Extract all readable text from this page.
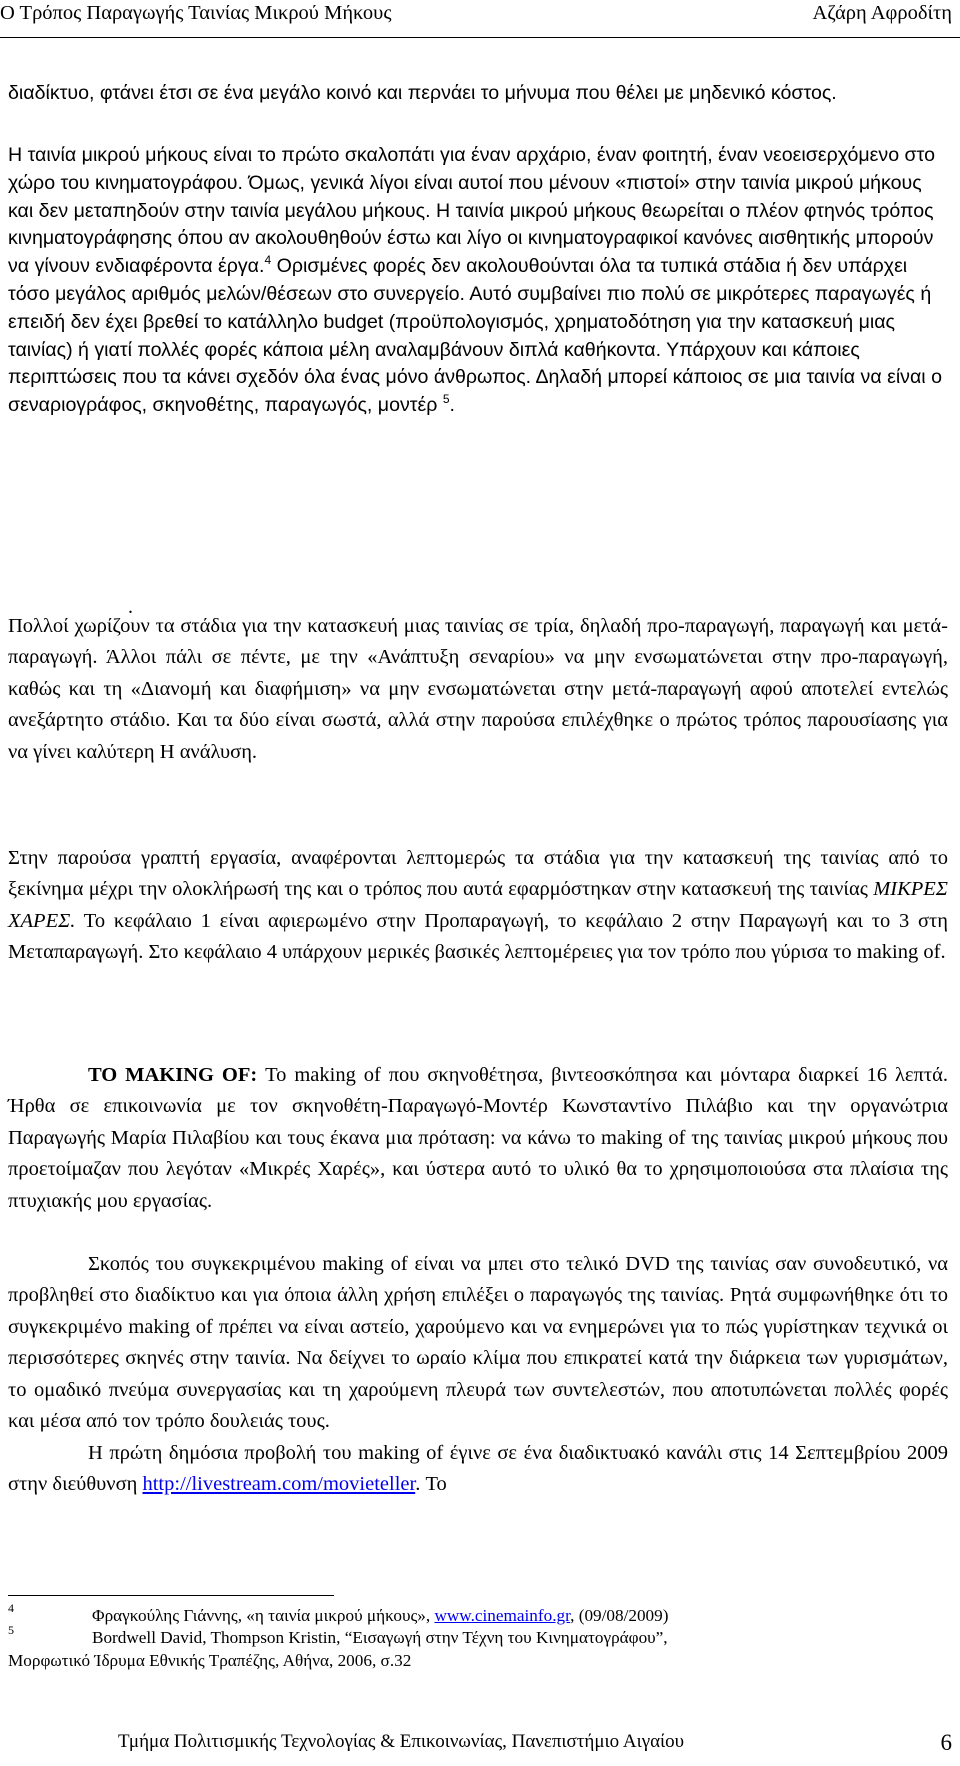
Ο Τρόπος Παραγωγής Ταινίας Μικρού Μήκους	Αζάρη Αφροδίτη

διαδίκτυο, φτάνει έτσι σε ένα μεγάλο κοινό και περνάει το μήνυμα που θέλει με μηδενικό κόστος.

Η ταινία μικρού μήκους είναι το πρώτο σκαλοπάτι για έναν αρχάριο, έναν φοιτητή, έναν νεοεισερχόμενο στο χώρο του κινηματογράφου. Όμως, γενικά λίγοι είναι αυτοί που μένουν «πιστοί» στην ταινία μικρού μήκους και δεν μεταπηδούν στην ταινία μεγάλου μήκους. Η ταινία μικρού μήκους θεωρείται ο πλέον φτηνός τρόπος κινηματογράφησης όπου αν ακολουθηθούν έστω και λίγο οι κινηματογραφικοί κανόνες αισθητικής μπορούν να γίνουν ενδιαφέροντα έργα.$^4$ Ορισμένες φορές δεν ακολουθούνται όλα τα τυπικά στάδια ή δεν υπάρχει τόσο μεγάλος αριθμός μελών/θέσεων στο συνεργείο. Αυτό συμβαίνει πιο πολύ σε μικρότερες παραγωγές ή επειδή δεν έχει βρεθεί το κατάλληλο budget (προϋπολογισμός, χρηματοδότηση για την κατασκευή μιας ταινίας) ή γιατί πολλές φορές κάποια μέλη αναλαμβάνουν διπλά καθήκοντα. Υπάρχουν και κάποιες περιπτώσεις που τα κάνει σχεδόν όλα ένας μόνο άνθρωπος. Δηλαδή μπορεί κάποιος σε μια ταινία να είναι ο σεναριογράφος, σκηνοθέτης, παραγωγός, μοντέρ $^5$.

.

Πολλοί χωρίζουν τα στάδια για την κατασκευή μιας ταινίας σε τρία, δηλαδή προ-παραγωγή, παραγωγή και μετά-παραγωγή. Άλλοι πάλι σε πέντε, με την «Ανάπτυξη σεναρίου» να μην ενσωματώνεται στην προ-παραγωγή, καθώς και τη «Διανομή και διαφήμιση» να μην ενσωματώνεται στην μετά-παραγωγή αφού αποτελεί εντελώς ανεξάρτητο στάδιο. Και τα δύο είναι σωστά, αλλά στην παρούσα επιλέχθηκε ο πρώτος τρόπος παρουσίασης για να γίνει καλύτερη Η ανάλυση.

Στην παρούσα γραπτή εργασία, αναφέρονται λεπτομερώς τα στάδια για την κατασκευή της ταινίας από το ξεκίνημα μέχρι την ολοκλήρωσή της και ο τρόπος που αυτά εφαρμόστηκαν στην κατασκευή της ταινίας ΜΙΚΡΕΣ ΧΑΡΕΣ. Το κεφάλαιο 1 είναι αφιερωμένο στην Προπαραγωγή, το κεφάλαιο 2 στην Παραγωγή και το 3 στη Μεταπαραγωγή. Στο κεφάλαιο 4 υπάρχουν μερικές βασικές λεπτομέρειες για τον τρόπο που γύρισα το making of.

ΤΟ MAKING OF: Το making of που σκηνοθέτησα, βιντεοσκόπησα και μόνταρα διαρκεί 16 λεπτά. Ήρθα σε επικοινωνία με τον σκηνοθέτη-Παραγωγό-Μοντέρ Κωνσταντίνο Πιλάβιο και την οργανώτρια Παραγωγής Μαρία Πιλαβίου και τους έκανα μια πρόταση: να κάνω το making of της ταινίας μικρού μήκους που προετοίμαζαν που λεγόταν «Μικρές Χαρές», και ύστερα αυτό το υλικό θα το χρησιμοποιούσα στα πλαίσια της πτυχιακής μου εργασίας.

Σκοπός του συγκεκριμένου making of είναι να μπει στο τελικό DVD της ταινίας σαν συνοδευτικό, να προβληθεί στο διαδίκτυο και για όποια άλλη χρήση επιλέξει ο παραγωγός της ταινίας. Ρητά συμφωνήθηκε ότι το συγκεκριμένο making of πρέπει να είναι αστείο, χαρούμενο και να ενημερώνει για το πώς γυρίστηκαν τεχνικά οι περισσότερες σκηνές στην ταινία. Να δείχνει το ωραίο κλίμα που επικρατεί κατά την διάρκεια των γυρισμάτων, το ομαδικό πνεύμα συνεργασίας και τη χαρούμενη πλευρά των συντελεστών, που αποτυπώνεται πολλές φορές και μέσα από τον τρόπο δουλειάς τους.

Η πρώτη δημόσια προβολή του making of έγινε σε ένα διαδικτυακό κανάλι στις 14 Σεπτεμβρίου 2009 στην διεύθυνση http://livestream.com/movieteller. Το

4	Φραγκούλης Γιάννης, «η ταινία μικρού μήκους», www.cinemainfo.gr, (09/08/2009)
5	Bordwell David, Thompson Kristin, “Εισαγωγή στην Τέχνη του Κινηματογράφου”,
Μορφωτικό Ίδρυμα Εθνικής Τραπέζης, Αθήνα, 2006, σ.32
Τμήμα Πολιτισμικής Τεχνολογίας & Επικοινωνίας, Πανεπιστήμιο Αιγαίου	6
